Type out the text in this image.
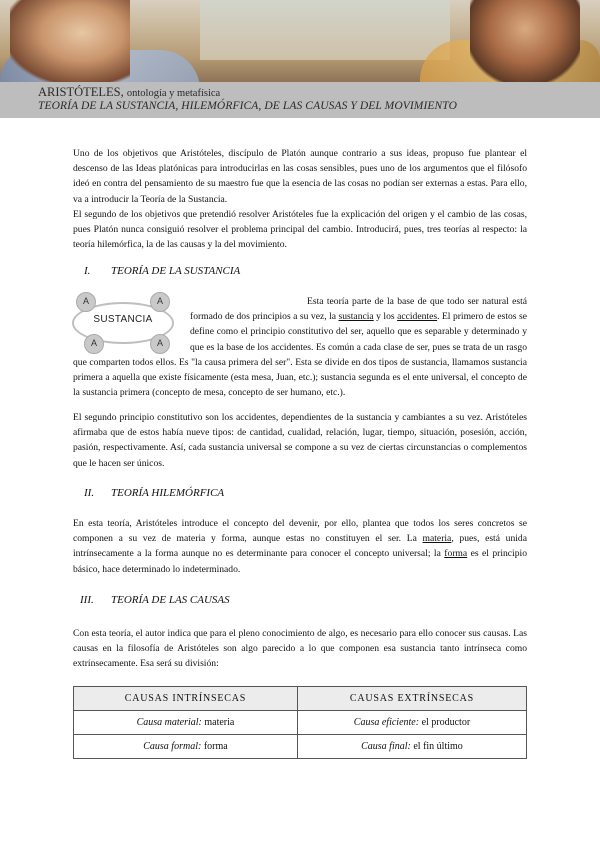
ARISTÓTELES, ontología y metafísica
TEORÍA DE LA SUSTANCIA, HILEMÓRFICA, DE LAS CAUSAS Y DEL MOVIMIENTO
Uno de los objetivos que Aristóteles, discípulo de Platón aunque contrario a sus ideas, propuso fue plantear el descenso de las Ideas platónicas para introducirlas en las cosas sensibles, pues uno de los argumentos que el filósofo ideó en contra del pensamiento de su maestro fue que la esencia de las cosas no podían ser externas a estas. Para ello, va a introducir la Teoría de la Sustancia.
El segundo de los objetivos que pretendió resolver Aristóteles fue la explicación del origen y el cambio de las cosas, pues Platón nunca consiguió resolver el problema principal del cambio. Introducirá, pues, tres teorías al respecto: la teoría hilemórfica, la de las causas y la del movimiento.
I. TEORÍA DE LA SUSTANCIA
SUSTANCIA
A	A
A	A
Esta teoría parte de la base de que todo ser natural está formado de dos principios a su vez, la sustancia y los accidentes. El primero de estos se define como el principio constitutivo del ser, aquello que es separable y determinado y que es la base de los accidentes. Es común a cada clase de ser, pues se trata de un rasgo que comparten todos ellos. Es "la causa primera del ser". Esta se divide en dos tipos de sustancia, llamamos sustancia primera a aquella que existe físicamente (esta mesa, Juan, etc.); sustancia segunda es el ente universal, el concepto de la sustancia primera (concepto de mesa, concepto de ser humano, etc.).
El segundo principio constitutivo son los accidentes, dependientes de la sustancia y cambiantes a su vez. Aristóteles afirmaba que de estos había nueve tipos: de cantidad, cualidad, relación, lugar, tiempo, situación, posesión, acción, pasión, respectivamente. Así, cada sustancia universal se compone a su vez de ciertas circunstancias o complementos que le hacen ser únicos.
II. TEORÍA HILEMÓRFICA
En esta teoría, Aristóteles introduce el concepto del devenir, por ello, plantea que todos los seres concretos se componen a su vez de materia y forma, aunque estas no constituyen el ser. La materia, pues, está unida intrínsecamente a la forma aunque no es determinante para conocer el concepto universal; la forma es el principio básico, hace determinado lo indeterminado.
III. TEORÍA DE LAS CAUSAS
Con esta teoría, el autor indica que para el pleno conocimiento de algo, es necesario para ello conocer sus causas. Las causas en la filosofía de Aristóteles son algo parecido a lo que componen esa sustancia tanto intrínseca como extrínsecamente. Esa será su división:
CAUSAS INTRÍNSECAS	CAUSAS EXTRÍNSECAS
Causa material: materia	Causa eficiente: el productor
Causa formal: forma	Causa final: el fin último
